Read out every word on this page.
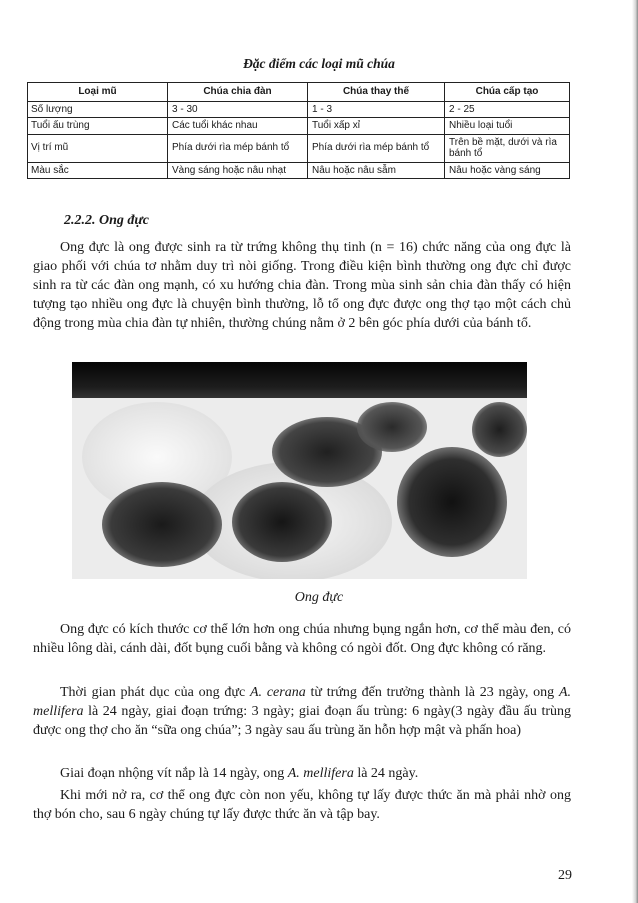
Đặc điểm các loại mũ chúa
Loại mũ	Chúa chia đàn	Chúa thay thế	Chúa cấp tạo
Số lượng	3 - 30	1 - 3	2 - 25
Tuổi ấu trùng	Các tuổi khác nhau	Tuổi xấp xỉ	Nhiều loại tuổi
Vị trí mũ	Phía dưới rìa mép bánh tổ	Phía dưới rìa mép bánh tổ	Trên bề mặt, dưới và rìa bánh tổ
Màu sắc	Vàng sáng hoặc nâu nhạt	Nâu hoặc nâu sẫm	Nâu hoặc vàng sáng
2.2.2. Ong đực

Ong đực là ong được sinh ra từ trứng không thụ tinh (n = 16) chức năng của ong đực là giao phối với chúa tơ nhằm duy trì nòi giống. Trong điều kiện bình thường ong đực chỉ được sinh ra từ các đàn ong mạnh, có xu hướng chia đàn. Trong mùa sinh sản chia đàn thấy có hiện tượng tạo nhiều ong đực là chuyện bình thường, lỗ tổ ong đực được ong thợ tạo một cách chủ động trong mùa chia đàn tự nhiên, thường chúng nằm ở 2 bên góc phía dưới của bánh tổ.

Ong đực

Ong đực có kích thước cơ thể lớn hơn ong chúa nhưng bụng ngắn hơn, cơ thể màu đen, có nhiều lông dài, cánh dài, đốt bụng cuối bằng và không có ngòi đốt. Ong đực không có răng.

Thời gian phát dục của ong đực A. cerana từ trứng đến trưởng thành là 23 ngày, ong A. mellifera là 24 ngày, giai đoạn trứng: 3 ngày; giai đoạn ấu trùng: 6 ngày(3 ngày đầu ấu trùng được ong thợ cho ăn “sữa ong chúa”; 3 ngày sau ấu trùng ăn hỗn hợp mật và phấn hoa)

Giai đoạn nhộng vít nắp là 14 ngày, ong A. mellifera là 24 ngày.

Khi mới nở ra, cơ thể ong đực còn non yếu, không tự lấy được thức ăn mà phải nhờ ong thợ bón cho, sau 6 ngày chúng tự lấy được thức ăn và tập bay.

29
